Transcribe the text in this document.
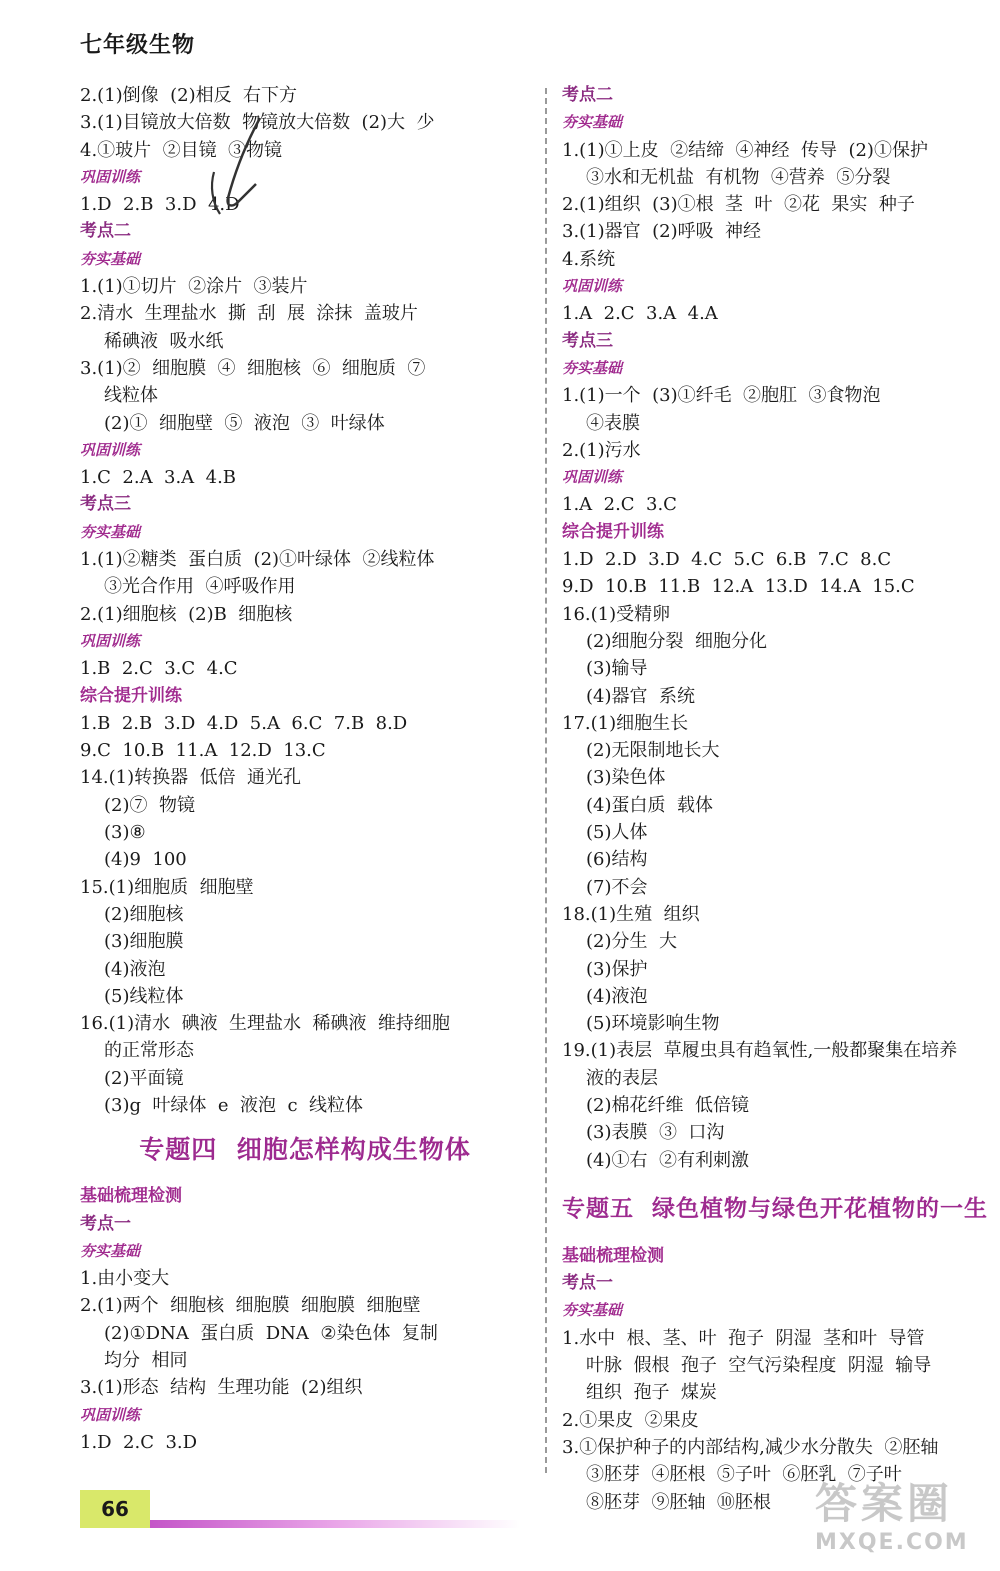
七年级生物
2.(1)倒像  (2)相反  右下方
3.(1)目镜放大倍数  物镜放大倍数  (2)大  少
4.①玻片  ②目镜  ③物镜
巩固训练
1.D  2.B  3.D  4.D
考点二
夯实基础
1.(1)①切片  ②涂片  ③装片
2.清水  生理盐水  撕  刮  展  涂抹  盖玻片
稀碘液  吸水纸
3.(1)②  细胞膜  ④  细胞核  ⑥  细胞质  ⑦
线粒体
(2)①  细胞壁  ⑤  液泡  ③  叶绿体
巩固训练
1.C  2.A  3.A  4.B
考点三
夯实基础
1.(1)②糖类  蛋白质  (2)①叶绿体  ②线粒体
③光合作用  ④呼吸作用
2.(1)细胞核  (2)B  细胞核
巩固训练
1.B  2.C  3.C  4.C
综合提升训练
1.B  2.B  3.D  4.D  5.A  6.C  7.B  8.D
9.C  10.B  11.A  12.D  13.C
14.(1)转换器  低倍  通光孔
(2)⑦  物镜
(3)⑧
(4)9  100
15.(1)细胞质  细胞壁
(2)细胞核
(3)细胞膜
(4)液泡
(5)线粒体
16.(1)清水  碘液  生理盐水  稀碘液  维持细胞
的正常形态
(2)平面镜
(3)g  叶绿体  e  液泡  c  线粒体
专题四  细胞怎样构成生物体
基础梳理检测
考点一
夯实基础
1.由小变大
2.(1)两个  细胞核  细胞膜  细胞膜  细胞壁
(2)①DNA  蛋白质  DNA  ②染色体  复制
均分  相同
3.(1)形态  结构  生理功能  (2)组织
巩固训练
1.D  2.C  3.D
考点二
夯实基础
1.(1)①上皮  ②结缔  ④神经  传导  (2)①保护
③水和无机盐  有机物  ④营养  ⑤分裂
2.(1)组织  (3)①根  茎  叶  ②花  果实  种子
3.(1)器官  (2)呼吸  神经
4.系统
巩固训练
1.A  2.C  3.A  4.A
考点三
夯实基础
1.(1)一个  (3)①纤毛  ②胞肛  ③食物泡
④表膜
2.(1)污水
巩固训练
1.A  2.C  3.C
综合提升训练
1.D  2.D  3.D  4.C  5.C  6.B  7.C  8.C
9.D  10.B  11.B  12.A  13.D  14.A  15.C
16.(1)受精卵
(2)细胞分裂  细胞分化
(3)输导
(4)器官  系统
17.(1)细胞生长
(2)无限制地长大
(3)染色体
(4)蛋白质  载体
(5)人体
(6)结构
(7)不会
18.(1)生殖  组织
(2)分生  大
(3)保护
(4)液泡
(5)环境影响生物
19.(1)表层  草履虫具有趋氧性,一般都聚集在培养
液的表层
(2)棉花纤维  低倍镜
(3)表膜  ③  口沟
(4)①右  ②有利刺激
专题五  绿色植物与绿色开花植物的一生
基础梳理检测
考点一
夯实基础
1.水中  根、茎、叶  孢子  阴湿  茎和叶  导管
叶脉  假根  孢子  空气污染程度  阴湿  输导
组织  孢子  煤炭
2.①果皮  ②果皮
3.①保护种子的内部结构,减少水分散失  ②胚轴
③胚芽  ④胚根  ⑤子叶  ⑥胚乳  ⑦子叶
⑧胚芽  ⑨胚轴  ⑩胚根
66	答案圈
MXQE.COM
